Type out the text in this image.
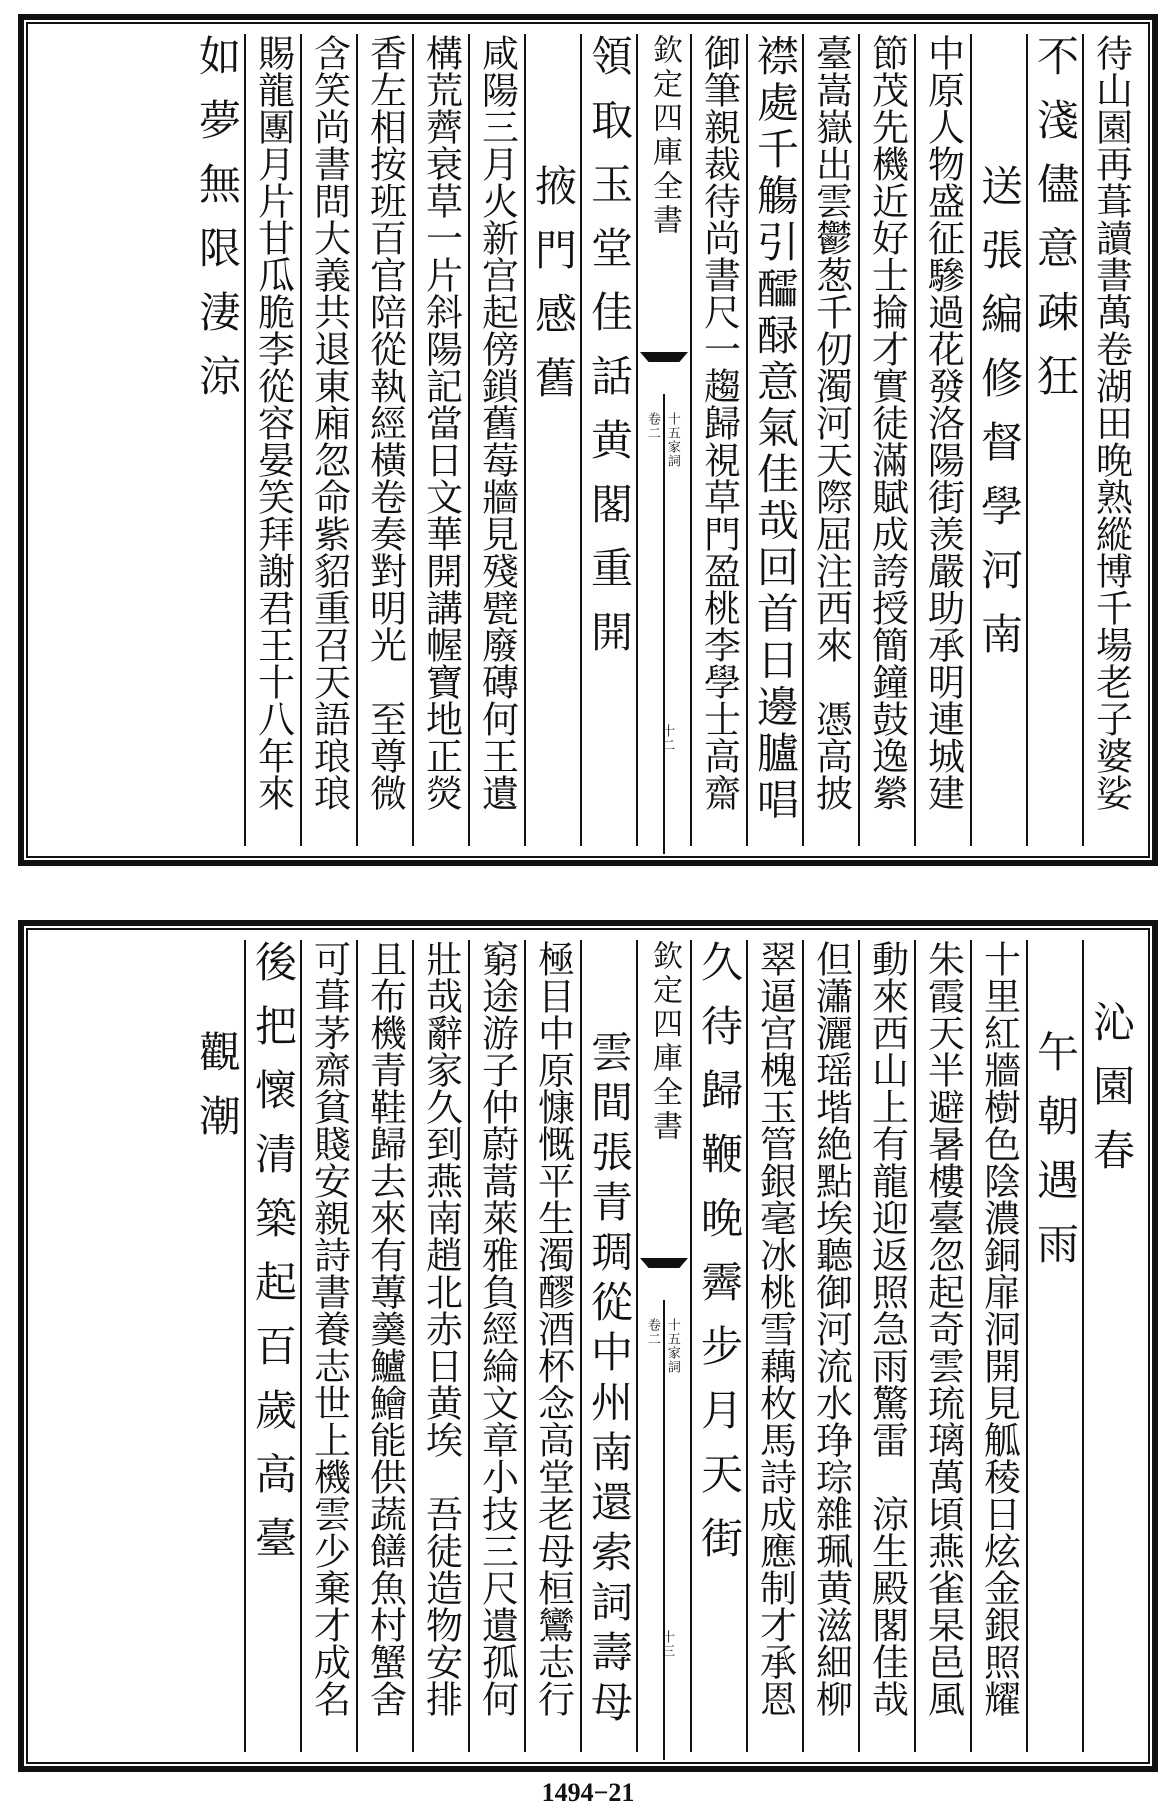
待山園再葺讀書萬卷湖田晚熟縱博千場老子婆娑
不淺儘意疎狂
送張編修督學河南
中原人物盛征驂過花發洛陽街羡嚴助承明連城建
節茂先機近好士掄才實徒滿賦成誇授簡鐘鼓逸縈
臺嵩嶽出雲鬱葱千仞濁河天際屈注西來　憑高披
襟處千觴引醽醁意氣佳哉回首日邊臚唱
御筆親裁待尚書尺一趨歸視草門盈桃李學士高齋
欽定四庫全書
十五家詞
卷二
十二
領取玉堂佳話黄閣重開
掖門感舊
咸陽三月火新宫起傍鎖舊莓牆見殘甓廢磚何王遺
構荒薺衰草一片斜陽記當日文華開講幄寶地正熒
香左相按班百官陪從執經橫卷奏對明光　至尊微
含笑尚書問大義共退東廂忽命紫貂重召天語琅琅
賜龍團月片甘瓜脆李從容晏笑拜謝君王十八年來
如夢無限淒涼
沁園春
午朝遇雨
十里紅牆樹色陰濃銅扉洞開見觚稜日炫金銀照耀
朱霞天半避暑樓臺忽起奇雲琉璃萬頃燕雀杲邑風
動來西山上有龍迎返照急雨驚雷　涼生殿閣佳哉
但瀟灑瑶堦絶點埃聽御河流水琤琮雜珮黄滋細柳
翠逼宫槐玉管銀毫冰桃雪藕枚馬詩成應制才承恩
久待歸鞭晚霽步月天街
欽定四庫全書
十五家詞
卷二
十三
雲間張青琱從中州南還索詞壽母
極目中原慷慨平生濁醪酒杯念高堂老母桓鸞志行
窮途游子仲蔚蒿萊雅負經綸文章小技三尺遺孤何
壯哉辭家久到燕南趙北赤日黄埃　吾徒造物安排
且布機青鞋歸去來有蓴羹鱸鱠能供蔬饍魚村蟹舍
可葺茅齋貧賤安親詩書養志世上機雲少棄才成名
後把懷清築起百歲高臺
觀潮
1494−21
